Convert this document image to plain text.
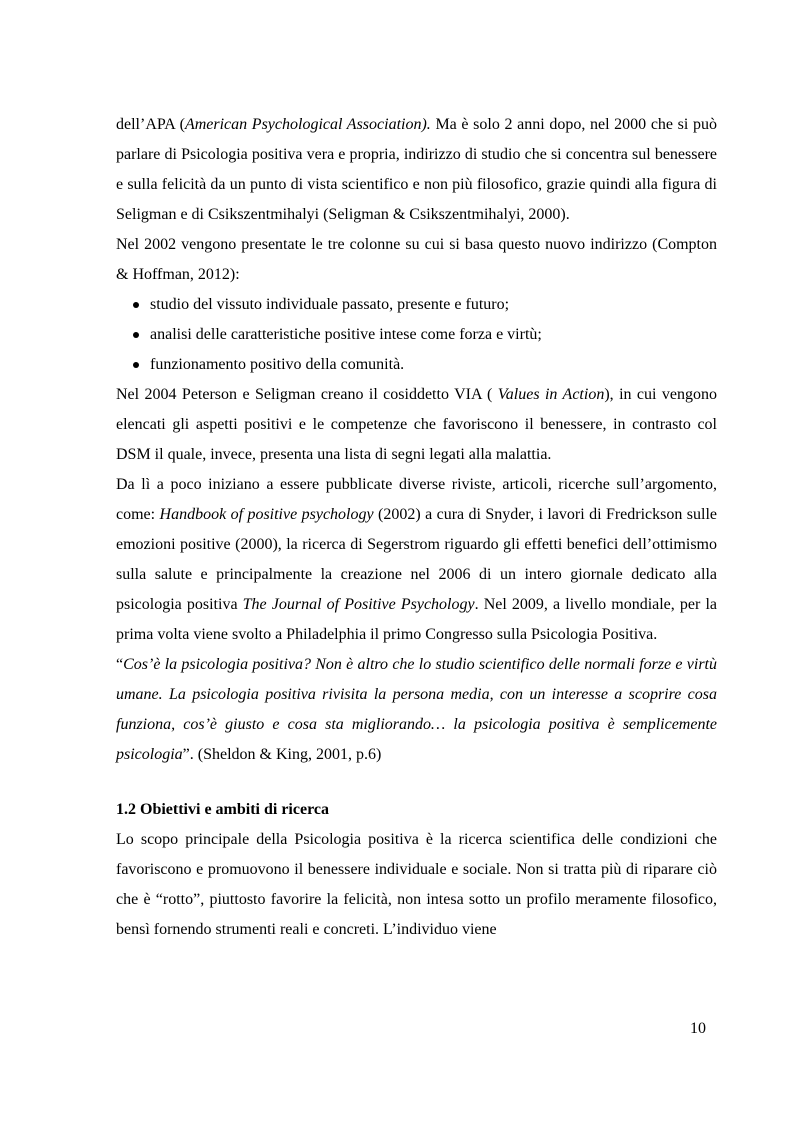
dell’APA (American Psychological Association). Ma è solo 2 anni dopo, nel 2000 che si può parlare di Psicologia positiva vera e propria, indirizzo di studio che si concentra sul benessere e sulla felicità da un punto di vista scientifico e non più filosofico, grazie quindi alla figura di Seligman e di Csikszentmihalyi (Seligman & Csikszentmihalyi, 2000).

Nel 2002 vengono presentate le tre colonne su cui si basa questo nuovo indirizzo (Compton & Hoffman, 2012):

studio del vissuto individuale passato, presente e futuro;
analisi delle caratteristiche positive intese come forza e virtù;
funzionamento positivo della comunità.

Nel 2004 Peterson e Seligman creano il cosiddetto VIA ( Values in Action), in cui vengono elencati gli aspetti positivi e le competenze che favoriscono il benessere, in contrasto col DSM il quale, invece, presenta una lista di segni legati alla malattia.

Da lì a poco iniziano a essere pubblicate diverse riviste, articoli, ricerche sull’argomento, come: Handbook of positive psychology (2002) a cura di Snyder, i lavori di Fredrickson sulle emozioni positive (2000), la ricerca di Segerstrom riguardo gli effetti benefici dell’ottimismo sulla salute e principalmente la creazione nel 2006 di un intero giornale dedicato alla psicologia positiva The Journal of Positive Psychology. Nel 2009, a livello mondiale, per la prima volta viene svolto a Philadelphia il primo Congresso sulla Psicologia Positiva.

“Cos’è la psicologia positiva? Non è altro che lo studio scientifico delle normali forze e virtù umane. La psicologia positiva rivisita la persona media, con un interesse a scoprire cosa funziona, cos’è giusto e cosa sta migliorando… la psicologia positiva è semplicemente psicologia”. (Sheldon & King, 2001, p.6)

1.2 Obiettivi e ambiti di ricerca

Lo scopo principale della Psicologia positiva è la ricerca scientifica delle condizioni che favoriscono e promuovono il benessere individuale e sociale. Non si tratta più di riparare ciò che è “rotto”, piuttosto favorire la felicità, non intesa sotto un profilo meramente filosofico, bensì fornendo strumenti reali e concreti. L’individuo viene

10
